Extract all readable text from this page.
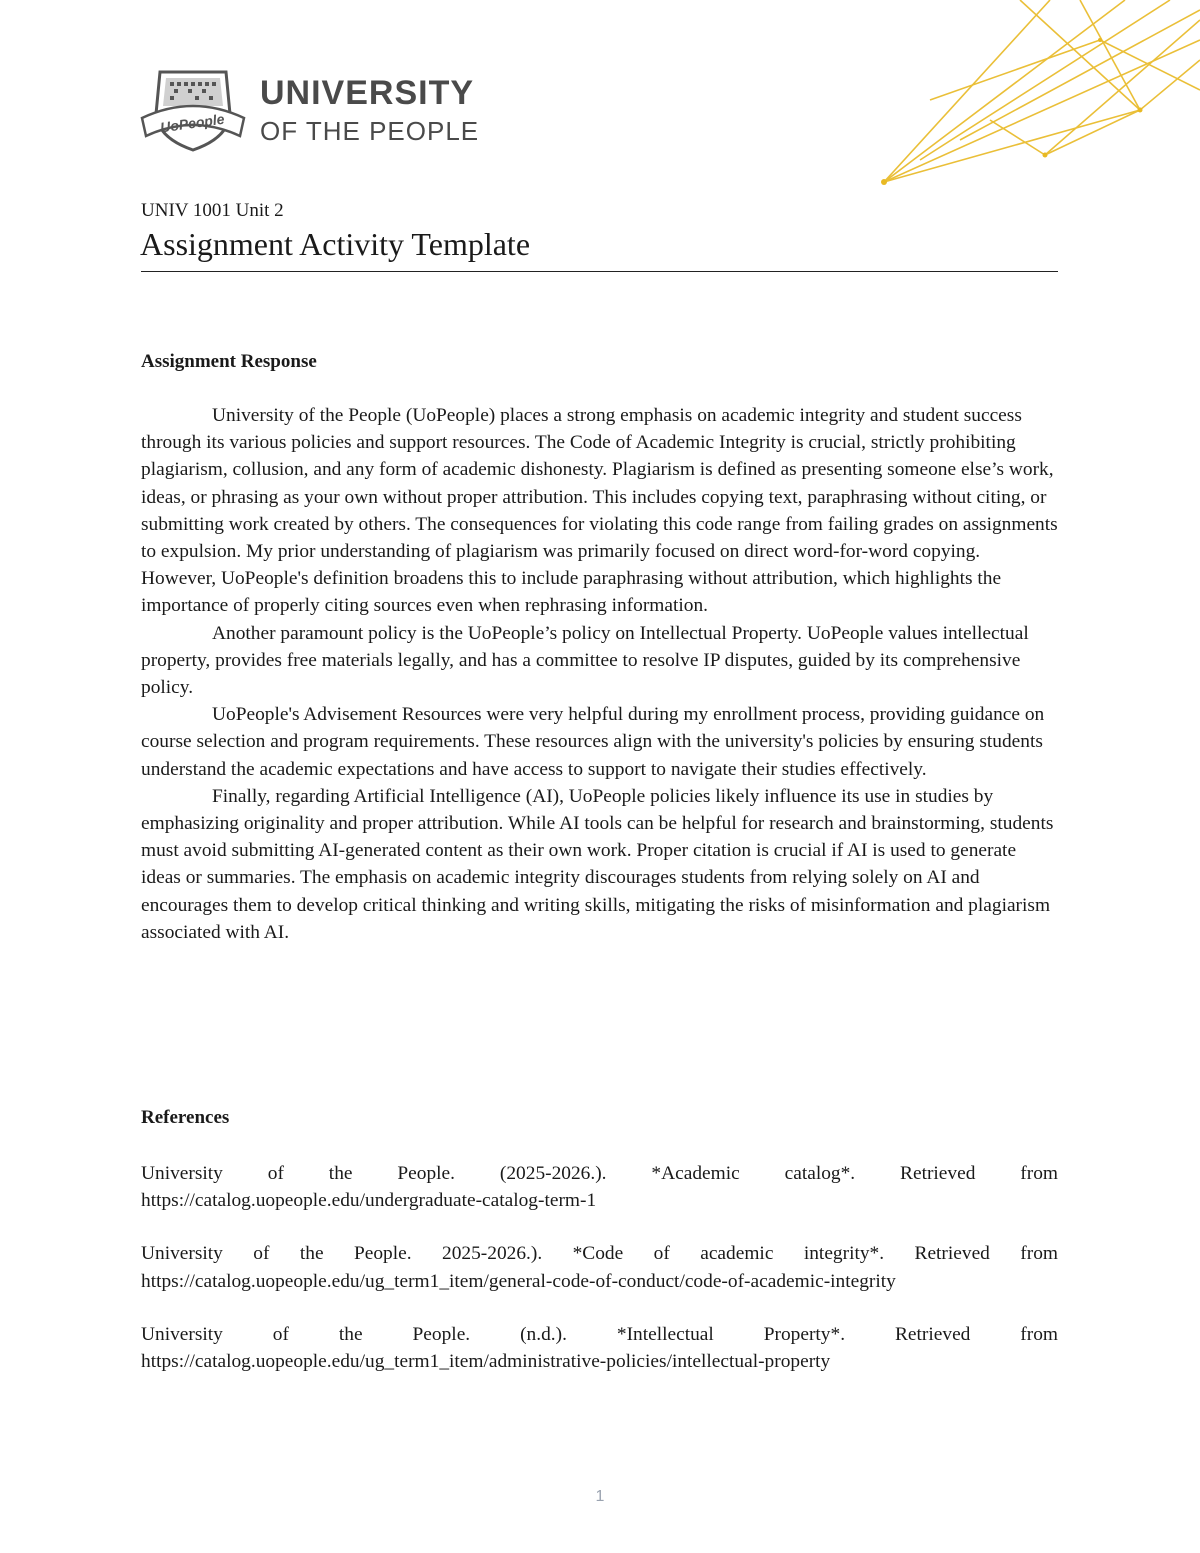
UoPeople
UNIVERSITY
OF THE PEOPLE
UNIV 1001 Unit 2
Assignment Activity Template
Assignment Response

University of the People (UoPeople) places a strong emphasis on academic integrity and student success through its various policies and support resources. The Code of Academic Integrity is crucial, strictly prohibiting plagiarism, collusion, and any form of academic dishonesty. Plagiarism is defined as presenting someone else’s work, ideas, or phrasing as your own without proper attribution. This includes copying text, paraphrasing without citing, or submitting work created by others. The consequences for violating this code range from failing grades on assignments to expulsion. My prior understanding of plagiarism was primarily focused on direct word-for-word copying. However, UoPeople's definition broadens this to include paraphrasing without attribution, which highlights the importance of properly citing sources even when rephrasing information.

Another paramount policy is the UoPeople’s policy on Intellectual Property. UoPeople values intellectual property, provides free materials legally, and has a committee to resolve IP disputes, guided by its comprehensive policy.

UoPeople's Advisement Resources were very helpful during my enrollment process, providing guidance on course selection and program requirements. These resources align with the university's policies by ensuring students understand the academic expectations and have access to support to navigate their studies effectively.

Finally, regarding Artificial Intelligence (AI), UoPeople policies likely influence its use in studies by emphasizing originality and proper attribution. While AI tools can be helpful for research and brainstorming, students must avoid submitting AI-generated content as their own work. Proper citation is crucial if AI is used to generate ideas or summaries. The emphasis on academic integrity discourages students from relying solely on AI and encourages them to develop critical thinking and writing skills, mitigating the risks of misinformation and plagiarism associated with AI.

References

University of the People. (2025-2026.). *Academic catalog*. Retrieved from https://catalog.uopeople.edu/undergraduate-catalog-term-1

University of the People. 2025-2026.). *Code of academic integrity*. Retrieved from https://catalog.uopeople.edu/ug_term1_item/general-code-of-conduct/code-of-academic-integrity

University of the People. (n.d.). *Intellectual Property*. Retrieved from https://catalog.uopeople.edu/ug_term1_item/administrative-policies/intellectual-property

1
